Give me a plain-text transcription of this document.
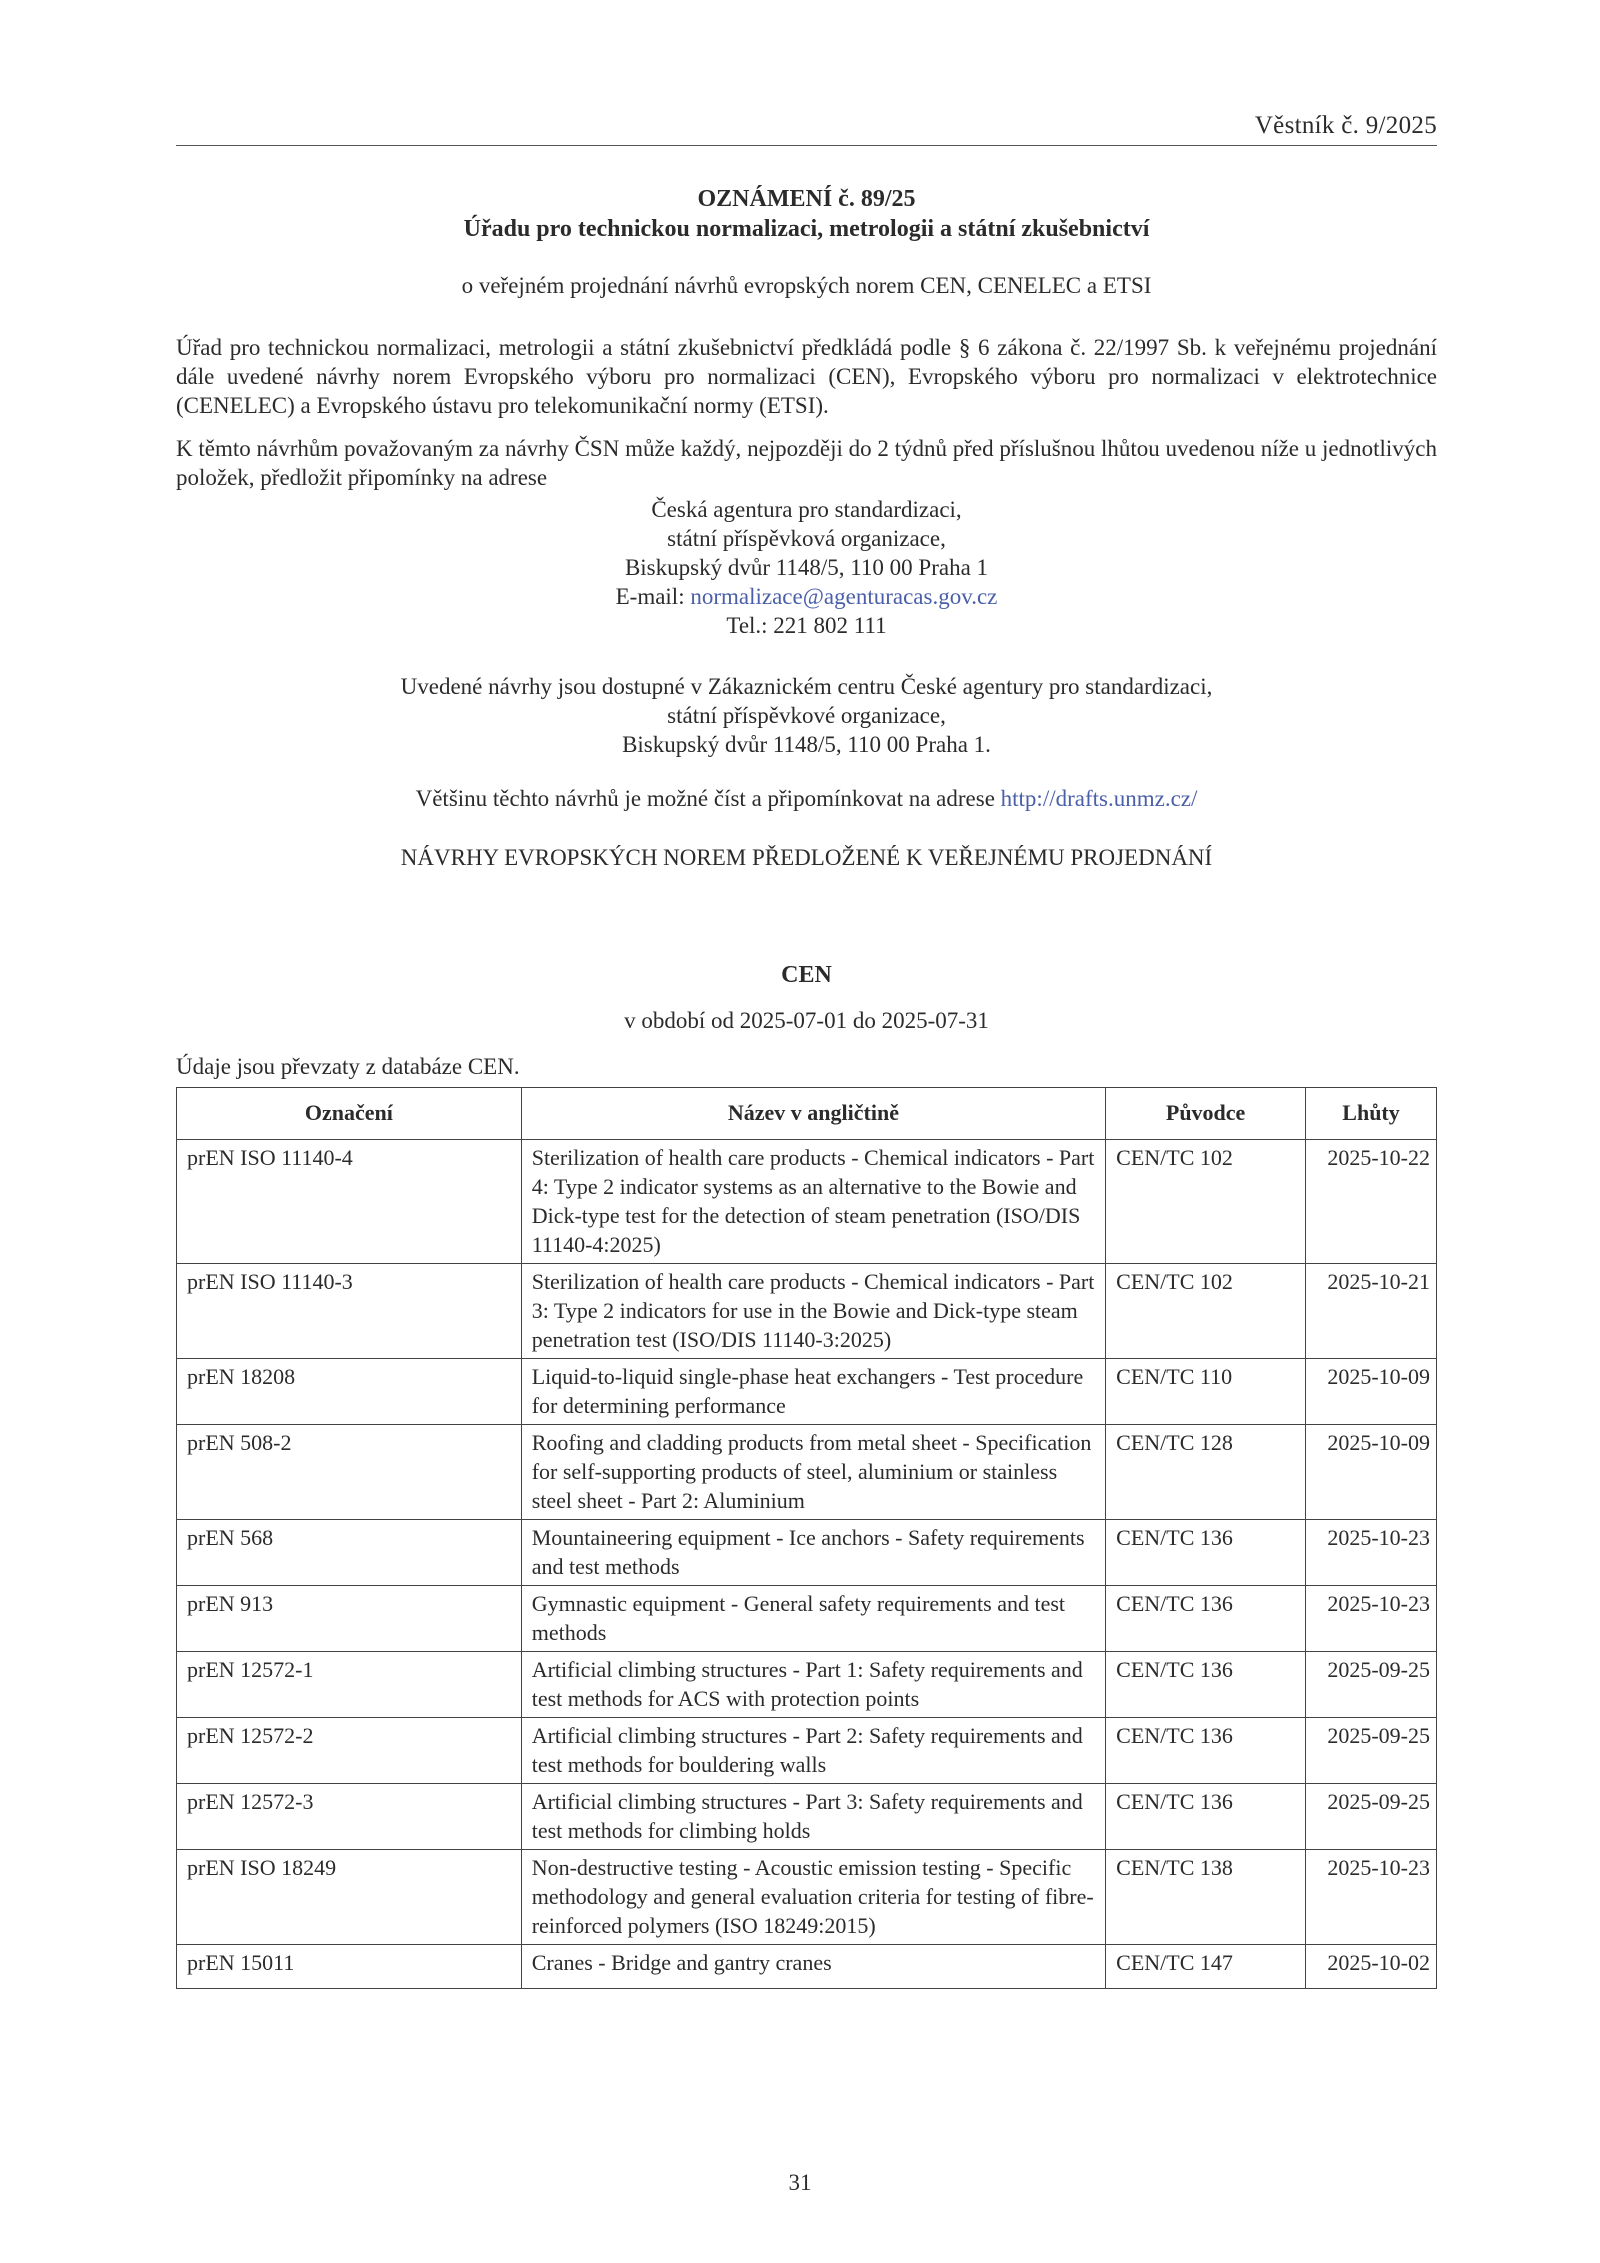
Věstník č. 9/2025
OZNÁMENÍ č. 89/25
Úřadu pro technickou normalizaci, metrologii a státní zkušebnictví
o veřejném projednání návrhů evropských norem CEN, CENELEC a ETSI
Úřad pro technickou normalizaci, metrologii a státní zkušebnictví předkládá podle § 6 zákona č. 22/1997 Sb. k veřejnému projednání dále uvedené návrhy norem Evropského výboru pro normalizaci (CEN), Evropského výboru pro normalizaci v elektrotechnice (CENELEC) a Evropského ústavu pro telekomunikační normy (ETSI).
K těmto návrhům považovaným za návrhy ČSN může každý, nejpozději do 2 týdnů před příslušnou lhůtou uvedenou níže u jednotlivých položek, předložit připomínky na adrese
Česká agentura pro standardizaci,
státní příspěvková organizace,
Biskupský dvůr 1148/5, 110 00 Praha 1
E-mail: normalizace@agenturacas.gov.cz
Tel.: 221 802 111
Uvedené návrhy jsou dostupné v Zákaznickém centru České agentury pro standardizaci,
státní příspěvkové organizace,
Biskupský dvůr 1148/5, 110 00 Praha 1.
Většinu těchto návrhů je možné číst a připomínkovat na adrese http://drafts.unmz.cz/
NÁVRHY EVROPSKÝCH NOREM PŘEDLOŽENÉ K VEŘEJNÉMU PROJEDNÁNÍ
CEN
v období od 2025-07-01 do 2025-07-31
Údaje jsou převzaty z databáze CEN.
Označení	Název v angličtině	Původce	Lhůty
prEN ISO 11140-4	Sterilization of health care products - Chemical indicators - Part 4: Type 2 indicator systems as an alternative to the Bowie and Dick-type test for the detection of steam penetration (ISO/DIS 11140-4:2025)	CEN/TC 102	2025-10-22
prEN ISO 11140-3	Sterilization of health care products - Chemical indicators - Part 3: Type 2 indicators for use in the Bowie and Dick-type steam penetration test (ISO/DIS 11140-3:2025)	CEN/TC 102	2025-10-21
prEN 18208	Liquid-to-liquid single-phase heat exchangers - Test procedure for determining performance	CEN/TC 110	2025-10-09
prEN 508-2	Roofing and cladding products from metal sheet - Specification for self-supporting products of steel, aluminium or stainless steel sheet - Part 2: Aluminium	CEN/TC 128	2025-10-09
prEN 568	Mountaineering equipment - Ice anchors - Safety requirements and test methods	CEN/TC 136	2025-10-23
prEN 913	Gymnastic equipment - General safety requirements and test methods	CEN/TC 136	2025-10-23
prEN 12572-1	Artificial climbing structures - Part 1: Safety requirements and test methods for ACS with protection points	CEN/TC 136	2025-09-25
prEN 12572-2	Artificial climbing structures - Part 2: Safety requirements and test methods for bouldering walls	CEN/TC 136	2025-09-25
prEN 12572-3	Artificial climbing structures - Part 3: Safety requirements and test methods for climbing holds	CEN/TC 136	2025-09-25
prEN ISO 18249	Non-destructive testing - Acoustic emission testing - Specific methodology and general evaluation criteria for testing of fibre-reinforced polymers (ISO 18249:2015)	CEN/TC 138	2025-10-23
prEN 15011	Cranes - Bridge and gantry cranes	CEN/TC 147	2025-10-02
31
